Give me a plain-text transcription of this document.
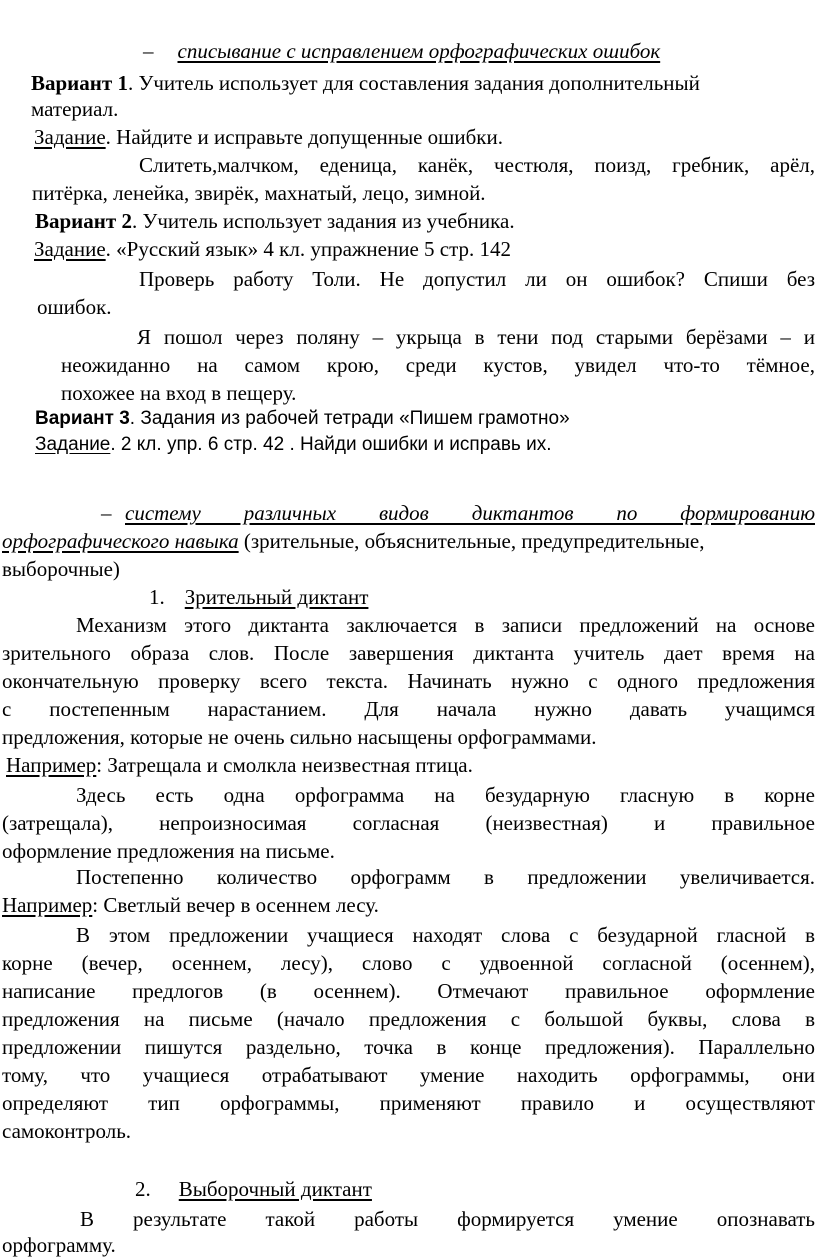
– списывание с исправлением орфографических ошибок
Вариант 1. Учитель использует для составления задания дополнительный
материал.
Задание. Найдите и исправьте допущенные ошибки.
Слитеть,малчком, еденица, канёк, честюля, поизд, гребник, арёл,
питёрка, ленейка, звирёк, махнатый, лецо, зимной.
Вариант 2. Учитель использует задания из учебника.
Задание. «Русский язык» 4 кл. упражнение 5 стр. 142
Проверь работу Толи. Не допустил ли он ошибок? Спиши без
ошибок.
Я пошол через поляну – укрыца в тени под старыми берёзами – и
неожиданно на самом крою, среди кустов, увидел что-то тёмное,
похожее на вход в пещеру.
Вариант 3. Задания из рабочей тетради «Пишем грамотно»
Задание. 2 кл. упр. 6 стр. 42 . Найди ошибки и исправь их.
– систему различных видов диктантов по формированию
орфографического навыка (зрительные, объяснительные, предупредительные,
выборочные)
1. Зрительный диктант
Механизм этого диктанта заключается в записи предложений на основе
зрительного образа слов. После завершения диктанта учитель дает время на
окончательную проверку всего текста. Начинать нужно с одного предложения
с постепенным нарастанием. Для начала нужно давать учащимся
предложения, которые не очень сильно насыщены орфограммами.
Например: Затрещала и смолкла неизвестная птица.
Здесь есть одна орфограмма на безударную гласную в корне
(затрещала), непроизносимая согласная (неизвестная) и правильное
оформление предложения на письме.
Постепенно количество орфограмм в предложении увеличивается.
Например: Светлый вечер в осеннем лесу.
В этом предложении учащиеся находят слова с безударной гласной в
корне (вечер, осеннем, лесу), слово с удвоенной согласной (осеннем),
написание предлогов (в осеннем). Отмечают правильное оформление
предложения на письме (начало предложения с большой буквы, слова в
предложении пишутся раздельно, точка в конце предложения). Параллельно
тому, что учащиеся отрабатывают умение находить орфограммы, они
определяют тип орфограммы, применяют правило и осуществляют
самоконтроль.
2. Выборочный диктант
В результате такой работы формируется умение опознавать
орфограмму.
